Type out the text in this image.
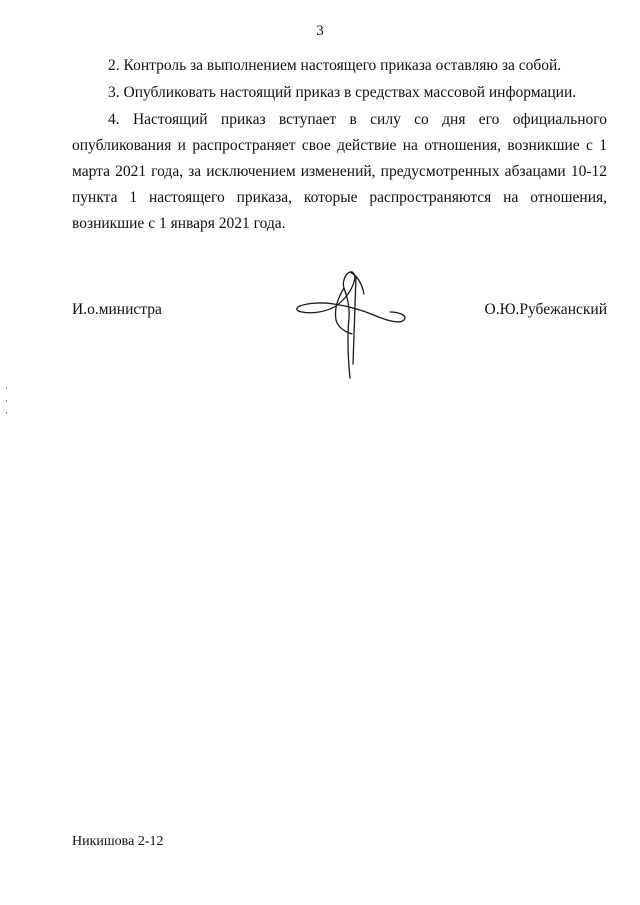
3

2. Контроль за выполнением настоящего приказа оставляю за собой.

3. Опубликовать настоящий приказ в средствах массовой информации.

4. Настоящий приказ вступает в силу со дня его официального опубликования и распространяет свое действие на отношения, возникшие с 1 марта 2021 года, за исключением изменений, предусмотренных абзацами 10-12 пункта 1 настоящего приказа, которые распространяются на отношения, возникшие с 1 января 2021 года.

И.о.министра	О.Ю.Рубежанский
Никишова 2-12
